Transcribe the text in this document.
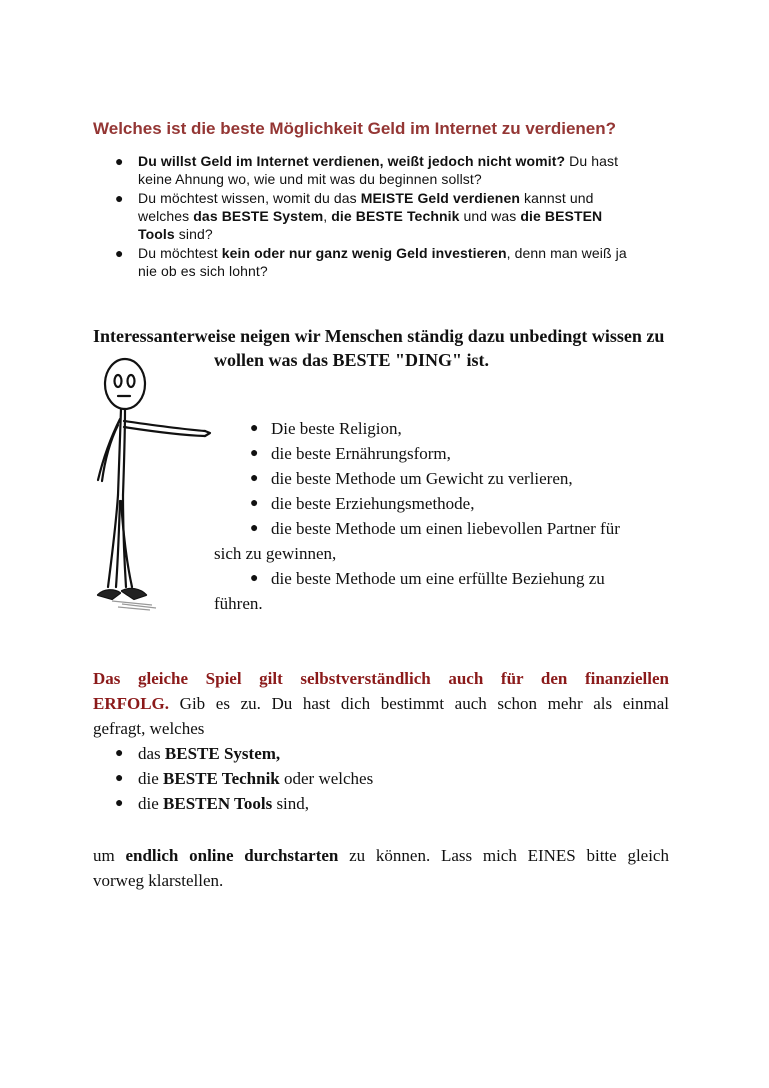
Welches ist die beste Möglichkeit Geld im Internet zu verdienen?
● Du willst Geld im Internet verdienen, weißt jedoch nicht womit? Du hast
keine Ahnung wo, wie und mit was du beginnen sollst?
● Du möchtest wissen, womit du das MEISTE Geld verdienen kannst und
welches das BESTE System, die BESTE Technik und was die BESTEN
Tools sind?
● Du möchtest kein oder nur ganz wenig Geld investieren, denn man weiß ja
nie ob es sich lohnt?
Interessanterweise neigen wir Menschen ständig dazu unbedingt wissen zu
wollen was das BESTE "DING" ist.
● Die beste Religion,
● die beste Ernährungsform,
● die beste Methode um Gewicht zu verlieren,
● die beste Erziehungsmethode,
● die beste Methode um einen liebevollen Partner für
sich zu gewinnen,
● die beste Methode um eine erfüllte Beziehung zu
führen.
Das gleiche Spiel gilt selbstverständlich auch für den finanziellen
ERFOLG. Gib es zu. Du hast dich bestimmt auch schon mehr als einmal
gefragt, welches
● das BESTE System,
● die BESTE Technik oder welches
● die BESTEN Tools sind,
um endlich online durchstarten zu können. Lass mich EINES bitte gleich
vorweg klarstellen.
